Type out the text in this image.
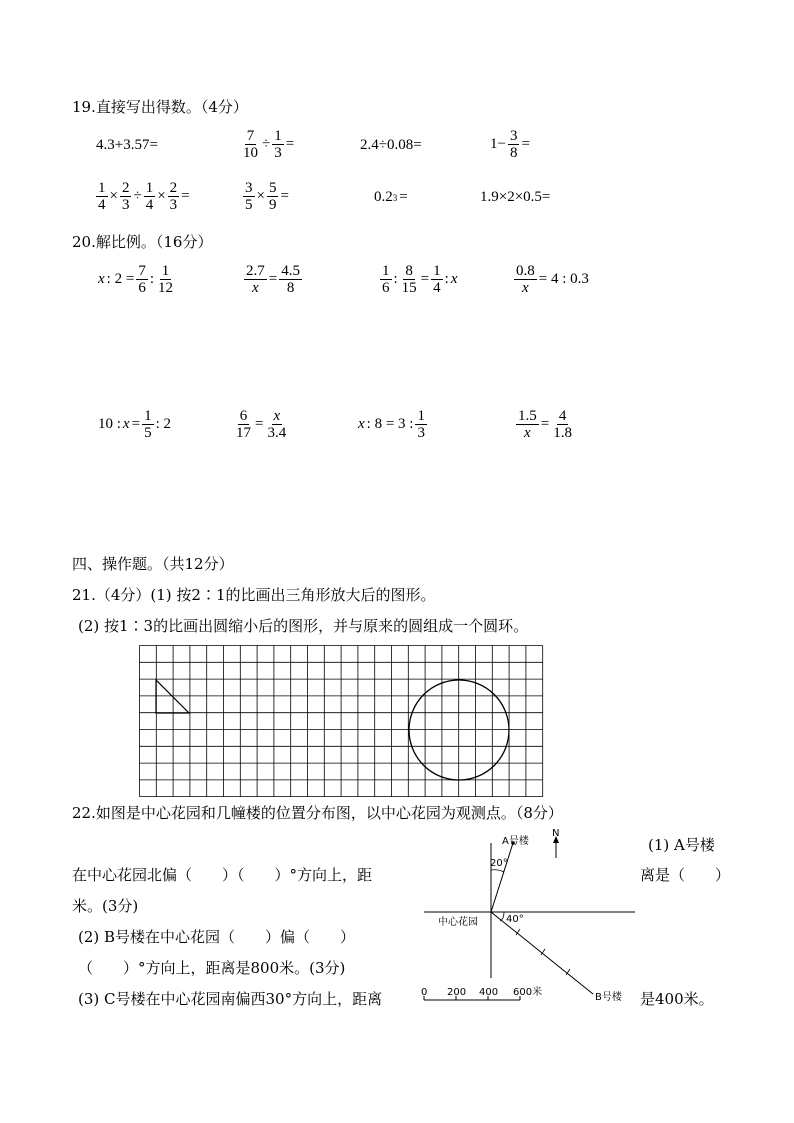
19.直接写出得数。（4分）
4.3+3.57=	$\frac{7}{10} \div \frac{1}{3}$ =	2.4÷0.08=	$1- \frac{3}{8}$ =
$\frac{1}{4} \times \frac{2}{3} \div \frac{1}{4} \times \frac{2}{3}$ =	$\frac{3}{5} \times \frac{5}{9}$ =	0.2 3 =	1.9×2×0.5=
20.解比例。（16分）
x : $2 = \frac{7}{6}$ : $\frac{1}{12}$	$\frac{2.7}{x} = \frac{4.5}{8}$	$\frac{1}{6}$ : $\frac{8}{15} = \frac{1}{4}$ : x	$\frac{0.8}{x} = 4$ : 0.3
10 : $x = \frac{1}{5}$ : 2	$\frac{6}{17} = \frac{x}{3.4}$	x : 8 = 3 : $\frac{1}{3}$	$\frac{1.5}{x} = \frac{4}{1.8}$
四、操作题。（共12分）
21.（4分）(1) 按2∶1的比画出三角形放大后的图形。
(2) 按1∶3的比画出圆缩小后的图形，并与原来的圆组成一个圆环。
22.如图是中心花园和几幢楼的位置分布图，以中心花园为观测点。（8分）
(1) A号楼
在中心花园北偏（　　）（　　）°方向上，距	离是（　　）
米。(3分)
(2) B号楼在中心花园（　　）偏（　　）
（　　）°方向上，距离是800米。(3分)
(3) C号楼在中心花园南偏西30°方向上，距离	是400米。
A号楼
N
20°
中心花园	40°
B号楼
0 200 400 600米
